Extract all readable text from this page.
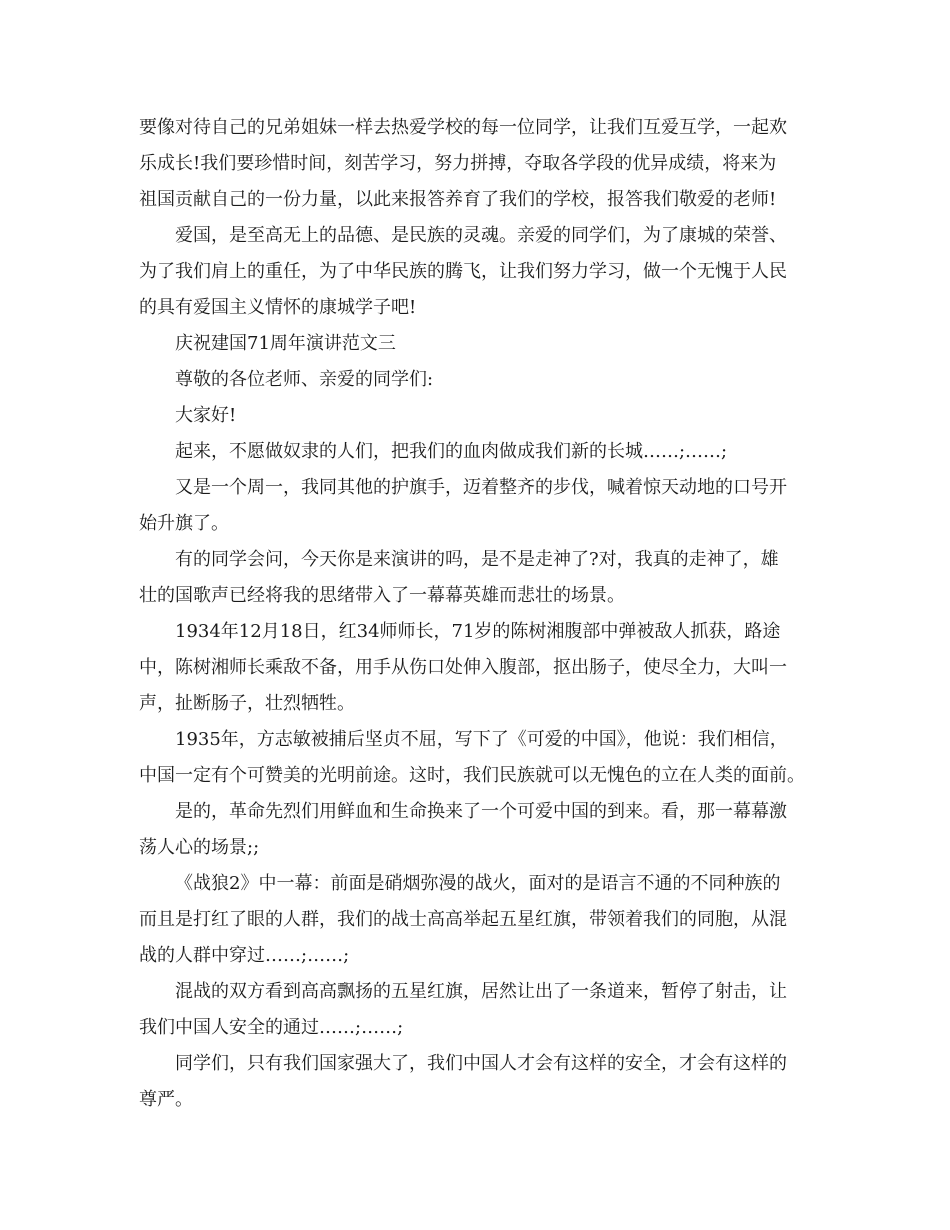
要像对待自己的兄弟姐妹一样去热爱学校的每一位同学，让我们互爱互学，一起欢
乐成长!我们要珍惜时间，刻苦学习，努力拼搏，夺取各学段的优异成绩，将来为
祖国贡献自己的一份力量，以此来报答养育了我们的学校，报答我们敬爱的老师!
爱国，是至高无上的品德、是民族的灵魂。亲爱的同学们，为了康城的荣誉、
为了我们肩上的重任，为了中华民族的腾飞，让我们努力学习，做一个无愧于人民
的具有爱国主义情怀的康城学子吧!
庆祝建国71周年演讲范文三
尊敬的各位老师、亲爱的同学们:
大家好!
起来，不愿做奴隶的人们，把我们的血肉做成我们新的长城……;……;
又是一个周一，我同其他的护旗手，迈着整齐的步伐，喊着惊天动地的口号开
始升旗了。
有的同学会问，今天你是来演讲的吗，是不是走神了?对，我真的走神了，雄
壮的国歌声已经将我的思绪带入了一幕幕英雄而悲壮的场景。
1934年12月18日，红34师师长，71岁的陈树湘腹部中弹被敌人抓获，路途
中，陈树湘师长乘敌不备，用手从伤口处伸入腹部，抠出肠子，使尽全力，大叫一
声，扯断肠子，壮烈牺牲。
1935年，方志敏被捕后坚贞不屈，写下了《可爱的中国》，他说：我们相信，
中国一定有个可赞美的光明前途。这时，我们民族就可以无愧色的立在人类的面前。
是的，革命先烈们用鲜血和生命换来了一个可爱中国的到来。看，那一幕幕激
荡人心的场景;;
《战狼2》中一幕：前面是硝烟弥漫的战火，面对的是语言不通的不同种族的
而且是打红了眼的人群，我们的战士高高举起五星红旗，带领着我们的同胞，从混
战的人群中穿过……;……;
混战的双方看到高高飘扬的五星红旗，居然让出了一条道来，暂停了射击，让
我们中国人安全的通过……;……;
同学们，只有我们国家强大了，我们中国人才会有这样的安全，才会有这样的
尊严。
